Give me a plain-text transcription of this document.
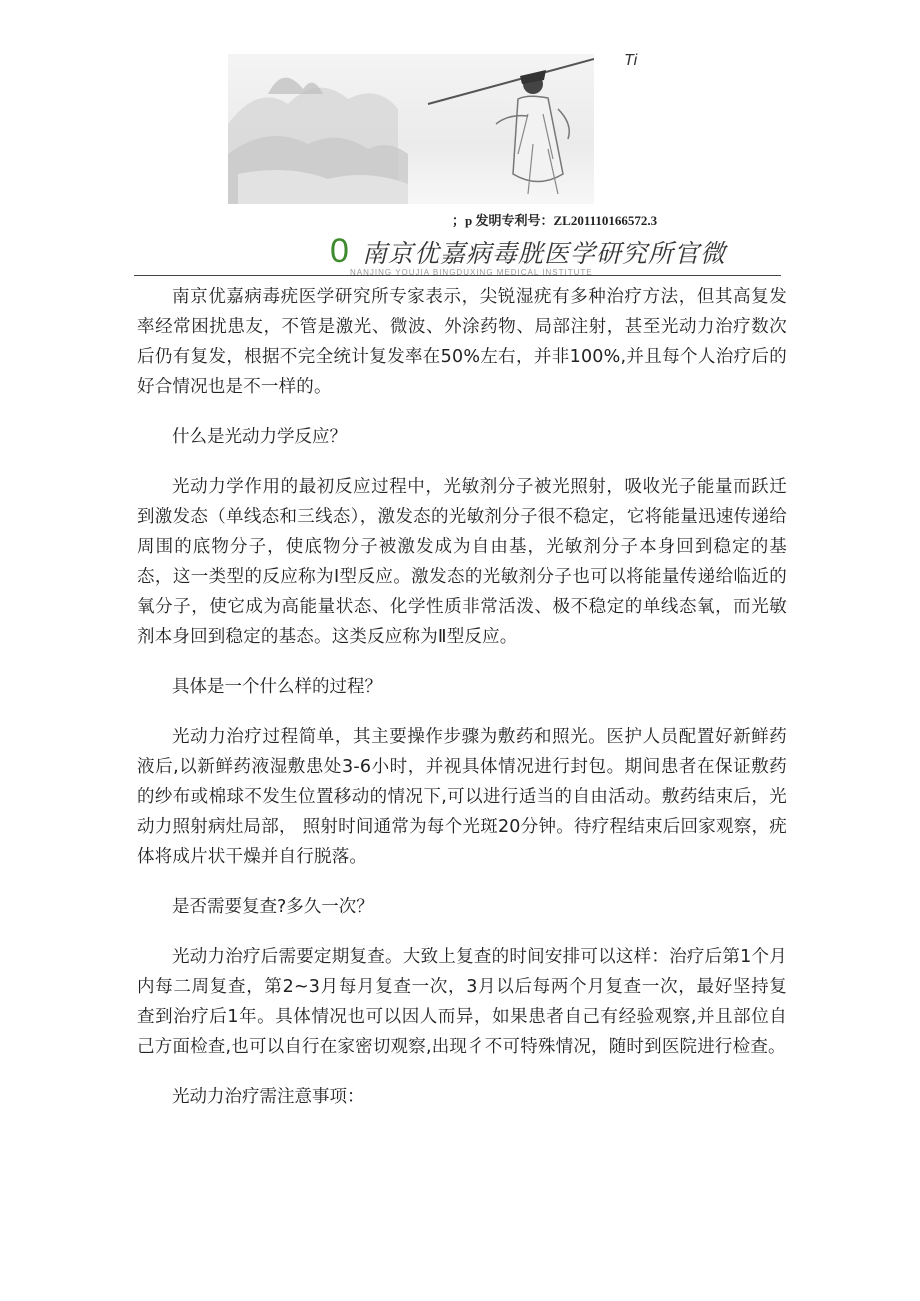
Ti
；p 发明专利号：ZL201110166572.3
0 南京优嘉病毒胱医学研究所官微
NANJING YOUJIA BINGDUXING MEDICAL INSTITUTE

南京优嘉病毒疣医学研究所专家表示，尖锐湿疣有多种治疗方法，但其高复发率经常困扰患友，不管是激光、微波、外涂药物、局部注射，甚至光动力治疗数次后仍有复发，根据不完全统计复发率在50%左右，并非100%,并且每个人治疗后的好合情况也是不一样的。

什么是光动力学反应？

光动力学作用的最初反应过程中，光敏剂分子被光照射，吸收光子能量而跃迁到激发态（单线态和三线态），激发态的光敏剂分子很不稳定，它将能量迅速传递给周围的底物分子，使底物分子被激发成为自由基，光敏剂分子本身回到稳定的基态，这一类型的反应称为Ⅰ型反应。激发态的光敏剂分子也可以将能量传递给临近的氧分子，使它成为高能量状态、化学性质非常活泼、极不稳定的单线态氧，而光敏剂本身回到稳定的基态。这类反应称为Ⅱ型反应。

具体是一个什么样的过程？

光动力治疗过程简单，其主要操作步骤为敷药和照光。医护人员配置好新鲜药液后,以新鲜药液湿敷患处3-6小时，并视具体情况进行封包。期间患者在保证敷药的纱布或棉球不发生位置移动的情况下,可以进行适当的自由活动。敷药结束后，光动力照射病灶局部， 照射时间通常为每个光斑20分钟。待疗程结束后回家观察，疣体将成片状干燥并自行脱落。

是否需要复查?多久一次？

光动力治疗后需要定期复查。大致上复查的时间安排可以这样：治疗后第1个月内每二周复查，第2~3月每月复查一次，3月以后每两个月复查一次，最好坚持复查到治疗后1年。具体情况也可以因人而异，如果患者自己有经验观察,并且部位自己方面检查,也可以自行在家密切观察,出现彳不可特殊情况，随时到医院进行检查。

光动力治疗需注意事项：
